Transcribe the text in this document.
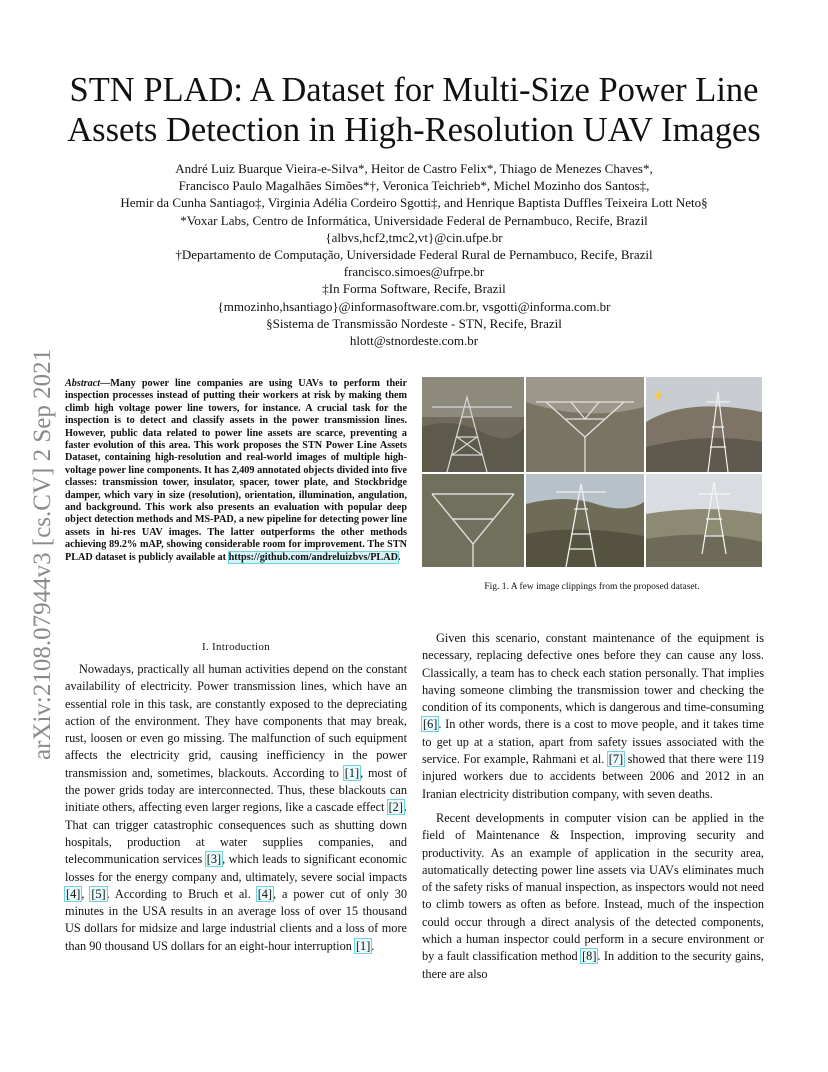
arXiv:2108.07944v3 [cs.CV] 2 Sep 2021
STN PLAD: A Dataset for Multi-Size Power Line
Assets Detection in High-Resolution UAV Images
André Luiz Buarque Vieira-e-Silva*, Heitor de Castro Felix*, Thiago de Menezes Chaves*,
Francisco Paulo Magalhães Simões*†, Veronica Teichrieb*, Michel Mozinho dos Santos‡,
Hemir da Cunha Santiago‡, Virginia Adélia Cordeiro Sgotti‡, and Henrique Baptista Duffles Teixeira Lott Neto§
*Voxar Labs, Centro de Informática, Universidade Federal de Pernambuco, Recife, Brazil
{albvs,hcf2,tmc2,vt}@cin.ufpe.br
†Departamento de Computação, Universidade Federal Rural de Pernambuco, Recife, Brazil
francisco.simoes@ufrpe.br
‡In Forma Software, Recife, Brazil
{mmozinho,hsantiago}@informasoftware.com.br, vsgotti@informa.com.br
§Sistema de Transmissão Nordeste - STN, Recife, Brazil
hlott@stnordeste.com.br
Abstract—Many power line companies are using UAVs to perform their inspection processes instead of putting their workers at risk by making them climb high voltage power line towers, for instance. A crucial task for the inspection is to detect and classify assets in the power transmission lines. However, public data related to power line assets are scarce, preventing a faster evolution of this area. This work proposes the STN Power Line Assets Dataset, containing high-resolution and real-world images of multiple high-voltage power line components. It has 2,409 annotated objects divided into five classes: transmission tower, insulator, spacer, tower plate, and Stockbridge damper, which vary in size (resolution), orientation, illumination, angulation, and background. This work also presents an evaluation with popular deep object detection methods and MS-PAD, a new pipeline for detecting power line assets in hi-res UAV images. The latter outperforms the other methods achieving 89.2% mAP, showing considerable room for improvement. The STN PLAD dataset is publicly available at https://github.com/andreluizbvs/PLAD.
⚡
Fig. 1. A few image clippings from the proposed dataset.
I. Introduction

Nowadays, practically all human activities depend on the constant availability of electricity. Power transmission lines, which have an essential role in this task, are constantly exposed to the depreciating action of the environment. They have components that may break, rust, loosen or even go missing. The malfunction of such equipment affects the electricity grid, causing inefficiency in the power transmission and, sometimes, blackouts. According to [1], most of the power grids today are interconnected. Thus, these blackouts can initiate others, affecting even larger regions, like a cascade effect [2]. That can trigger catastrophic consequences such as shutting down hospitals, production at water supplies companies, and telecommunication services [3], which leads to significant economic losses for the energy company and, ultimately, severe social impacts [4], [5]. According to Bruch et al. [4], a power cut of only 30 minutes in the USA results in an average loss of over 15 thousand US dollars for midsize and large industrial clients and a loss of more than 90 thousand US dollars for an eight-hour interruption [1].

Given this scenario, constant maintenance of the equipment is necessary, replacing defective ones before they can cause any loss. Classically, a team has to check each station personally. That implies having someone climbing the transmission tower and checking the condition of its components, which is dangerous and time-consuming [6]. In other words, there is a cost to move people, and it takes time to get up at a station, apart from safety issues associated with the service. For example, Rahmani et al. [7] showed that there were 119 injured workers due to accidents between 2006 and 2012 in an Iranian electricity distribution company, with seven deaths.

Recent developments in computer vision can be applied in the field of Maintenance & Inspection, improving security and productivity. As an example of application in the security area, automatically detecting power line assets via UAVs eliminates much of the safety risks of manual inspection, as inspectors would not need to climb towers as often as before. Instead, much of the inspection could occur through a direct analysis of the detected components, which a human inspector could perform in a secure environment or by a fault classification method [8]. In addition to the security gains, there are also
